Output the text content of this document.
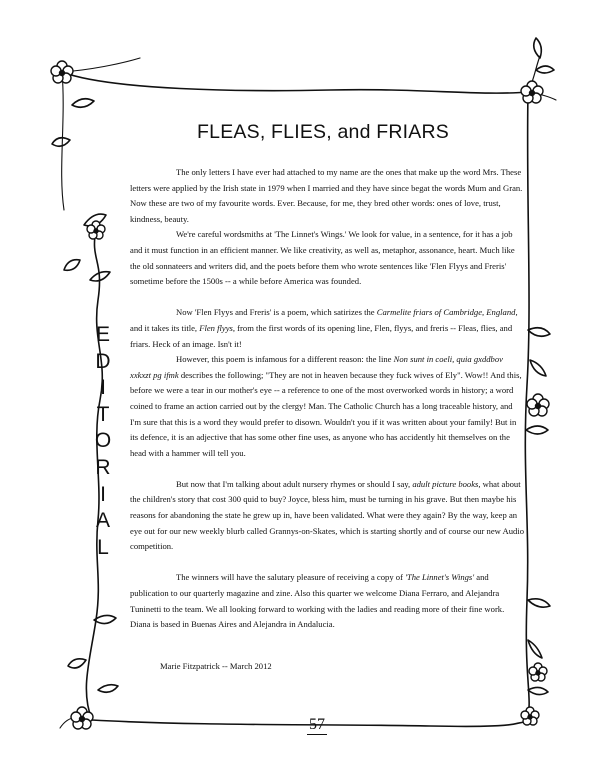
FLEAS, FLIES, and FRIARS
E
D
I
T
O
R
I
A
L

The only letters I have ever had attached to my name are the ones that make up the word Mrs. These letters were applied by the Irish state in 1979 when I married and they have since begat the words Mum and Gran. Now these are two of my favourite words. Ever. Because, for me, they bred other words: ones of love, trust, kindness, beauty.

We're careful wordsmiths at 'The Linnet's Wings.' We look for value, in a sentence, for it has a job and it must function in an efficient manner. We like creativity, as well as, metaphor, assonance, heart. Much like the old sonnateers and writers did, and the poets before them who wrote sentences like 'Flen Flyys and Freris' sometime before the 1500s -- a while before America was founded.

Now 'Flen Flyys and Freris' is a poem, which satirizes the Carmelite friars of Cambridge, England, and it takes its title, Flen flyys, from the first words of its opening line, Flen, flyys, and freris -- Fleas, flies, and friars. Heck of an image. Isn't it!

However, this poem is infamous for a different reason: the line Non sunt in coeli, quia gxddbov xxkxzt pg ifmk describes the following; "They are not in heaven because they fuck wives of Ely". Wow!! And this, before we were a tear in our mother's eye -- a reference to one of the most overworked words in history; a word coined to frame an action carried out by the clergy! Man. The Catholic Church has a long traceable history, and I'm sure that this is a word they would prefer to disown. Wouldn't you if it was written about your family! But in its defence, it is an adjective that has some other fine uses, as anyone who has accidently hit themselves on the head with a hammer will tell you.

But now that I'm talking about adult nursery rhymes or should I say, adult picture books, what about the children's story that cost 300 quid to buy? Joyce, bless him, must be turning in his grave. But then maybe his reasons for abandoning the state he grew up in, have been validated. What were they again? By the way, keep an eye out for our new weekly blurb called Grannys-on-Skates, which is starting shortly and of course our new Audio competition.

The winners will have the salutary pleasure of receiving a copy of 'The Linnet's Wings' and publication to our quarterly magazine and zine. Also this quarter we welcome Diana Ferraro, and Alejandra Tuninetti to the team. We all looking forward to working with the ladies and reading more of their fine work. Diana is based in Buenas Aires and Alejandra in Andalucia.

Marie Fitzpatrick -- March 2012
57
